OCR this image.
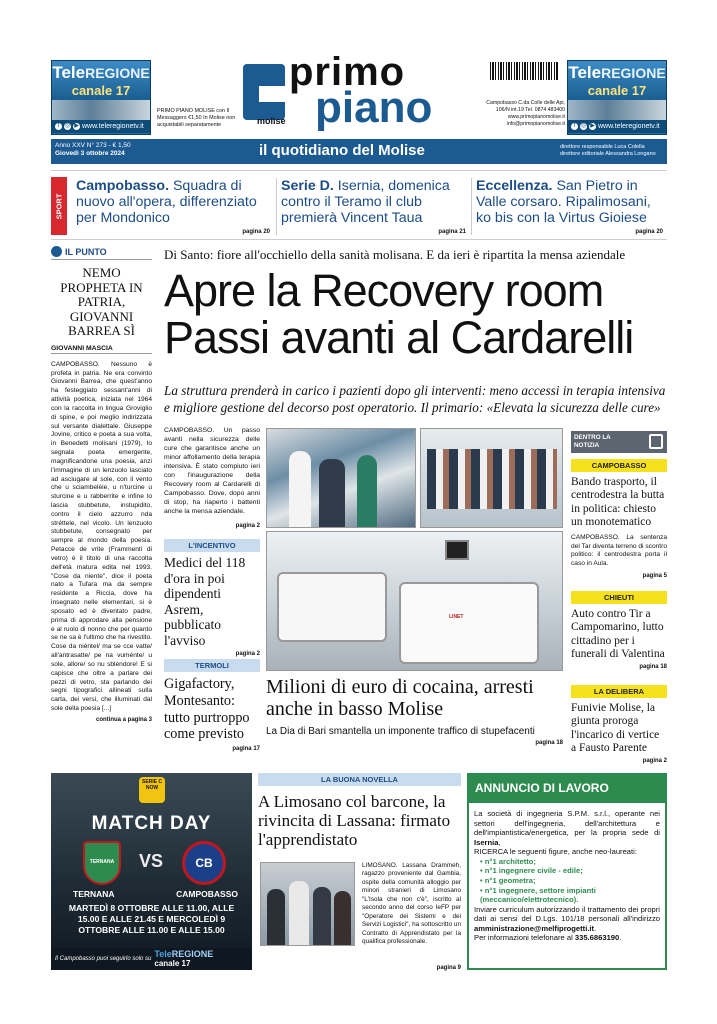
TeleREGIONE
canale 17
f ◎ ▶ www.teleregionetv.it
PRIMO PIANO MOLISE con Il Messaggero €1,50 In Molise non acquistabili separatamente
primo
piano
molise
Campobasso C.da Colle delle Api, 106/N int.19 Tel. 0874 483400 www.primopianomolise.it info@primopianomolise.it
TeleREGIONE
canale 17
f ◎ ▶ www.teleregionetv.it
Anno XXV N° 273 - € 1,50
Giovedì 3 ottobre 2024	il quotidiano del Molise	direttore responsabile Luca Colella direttore editoriale Alessandra Longano
SPORT
Campobasso. Squadra di nuovo all'opera, differenziato per Mondonico
pagina 20
Serie D. Isernia, domenica contro il Teramo il club premierà Vincent Taua
pagina 21
Eccellenza. San Pietro in Valle corsaro. Ripalimosani, ko bis con la Virtus Gioiese
pagina 20
IL PUNTO
NEMO PROPHETA IN PATRIA, GIOVANNI BARREA SÌ
GIOVANNI MASCIA
CAMPOBASSO. Nessuno è profeta in patria. Ne era convinto Giovanni Barrea, che quest'anno ha festeggiato sessant'anni di attività poetica, iniziata nel 1964 con la raccolta in lingua Groviglio di spine, e poi meglio indirizzata sul versante dialettale. Giuseppe Jovine, critico e poeta a sua volta, in Benedetti molisani (1979), lo segnala poeta emergente, magnificandone una poesia, anzi l'immagine di un lenzuolo lasciato ad asciugare al sole, con il vento che u sciambelèie, u n'turcine u sturcine e u rabberrite e infine lo lascia stubbetute, instupidito, contro il cielo azzurro nda stréttele, nel vicolo. Un lenzuolo stubbetute, consegnato per sempre al mondo della poesia. Petacce de vrite (Frammenti di vetro) è il titolo di una raccolta dell'età matura edita nel 1993. "Cose da niente", dice il poeta nato a Tufara ma da sempre residente a Riccia, dove ha insegnato nelle elementari, si è sposato ed è diventato padre, prima di approdare alla pensione e al ruolo di nonno che per quanto se ne sa è l'ultimo che ha rivestito. Cose da niéntel/ ma se cce vatte/ all'antrasatte/ pe na vuménte/ u sole, allore/ so nu sblèndore! E si capisce che oltre a parlare dei pezzi di vetro, sta parlando dei segni tipografici allineati sulla carta, dei versi, che illuminati dal sole della poesia [...]
continua a pagina 3
Di Santo: fiore all'occhiello della sanità molisana. E da ieri è ripartita la mensa aziendale
Apre la Recovery room
Passi avanti al Cardarelli
La struttura prenderà in carico i pazienti dopo gli interventi: meno accessi in terapia intensiva e migliore gestione del decorso post operatorio. Il primario: «Elevata la sicurezza delle cure»
CAMPOBASSO. Un passo avanti nella sicurezza delle cure che garantisce anche un minor affollamento della terapia intensiva. È stato compiuto ieri con l'inaugurazione della Recovery room al Cardarelli di Campobasso. Dove, dopo anni di stop, ha riaperto i battenti anche la mensa aziendale.
pagina 2
L'INCENTIVO
Medici del 118 d'ora in poi dipendenti Asrem, pubblicato l'avviso
pagina 2
TERMOLI
Gigafactory, Montesanto: tutto purtroppo come previsto
pagina 17
LINET
Milioni di euro di cocaina, arresti anche in basso Molise
La Dia di Bari smantella un imponente traffico di stupefacenti
pagina 18
DENTRO LA NOTIZIA
CAMPOBASSO
Bando trasporto, il centrodestra la butta in politica: chiesto un monotematico
CAMPOBASSO. La sentenza del Tar diventa terreno di scontro politico: il centrodestra porta il caso in Aula.
pagina 5
CHIEUTI
Auto contro Tir a Campomarino, lutto cittadino per i funerali di Valentina
pagina 18
LA DELIBERA
Funivie Molise, la giunta proroga l'incarico di vertice a Fausto Parente
pagina 2
SERIE C
NOW
MATCH DAY
TERNANA	VS	CB
TERNANA	CAMPOBASSO
MARTEDÌ 8 OTTOBRE ALLE 11.00, ALLE 15.00 E ALLE 21.45 E MERCOLEDÌ 9 OTTOBRE ALLE 11.00 E ALLE 15.00
Il Campobasso puoi seguirlo solo su TeleREGIONE
canale 17
LA BUONA NOVELLA
A Limosano col barcone, la rivincita di Lassana: firmato l'apprendistato
LIMOSANO. Lassana Drammeh, ragazzo proveniente dal Gambia, ospite della comunità alloggio per minori stranieri di Limosano "L'Isola che non c'è", iscritto al secondo anno del corso IeFP per "Operatore dei Sistemi e dei Servizi Logistici", ha sottoscritto un Contratto di Apprendistato per la qualifica professionale.
pagina 9
ANNUNCIO DI LAVORO
La società di ingegneria S.P.M. s.r.l., operante nei settori dell'ingegneria, dell'architettura e dell'impiantistica/energetica, per la propria sede di Isernia,
RICERCA le seguenti figure, anche neo-laureati:
• n°1 architetto;
• n°1 ingegnere civile - edile;
• n°1 geometra;
• n°1 ingegnere, settore impianti (meccanico/elettrotecnico).
Inviare curriculum autorizzando il trattamento dei propri dati ai sensi del D.Lgs. 101/18 personali all'indirizzo amministrazione@melfiprogetti.it.
Per informazioni telefonare al 335.6863190.
